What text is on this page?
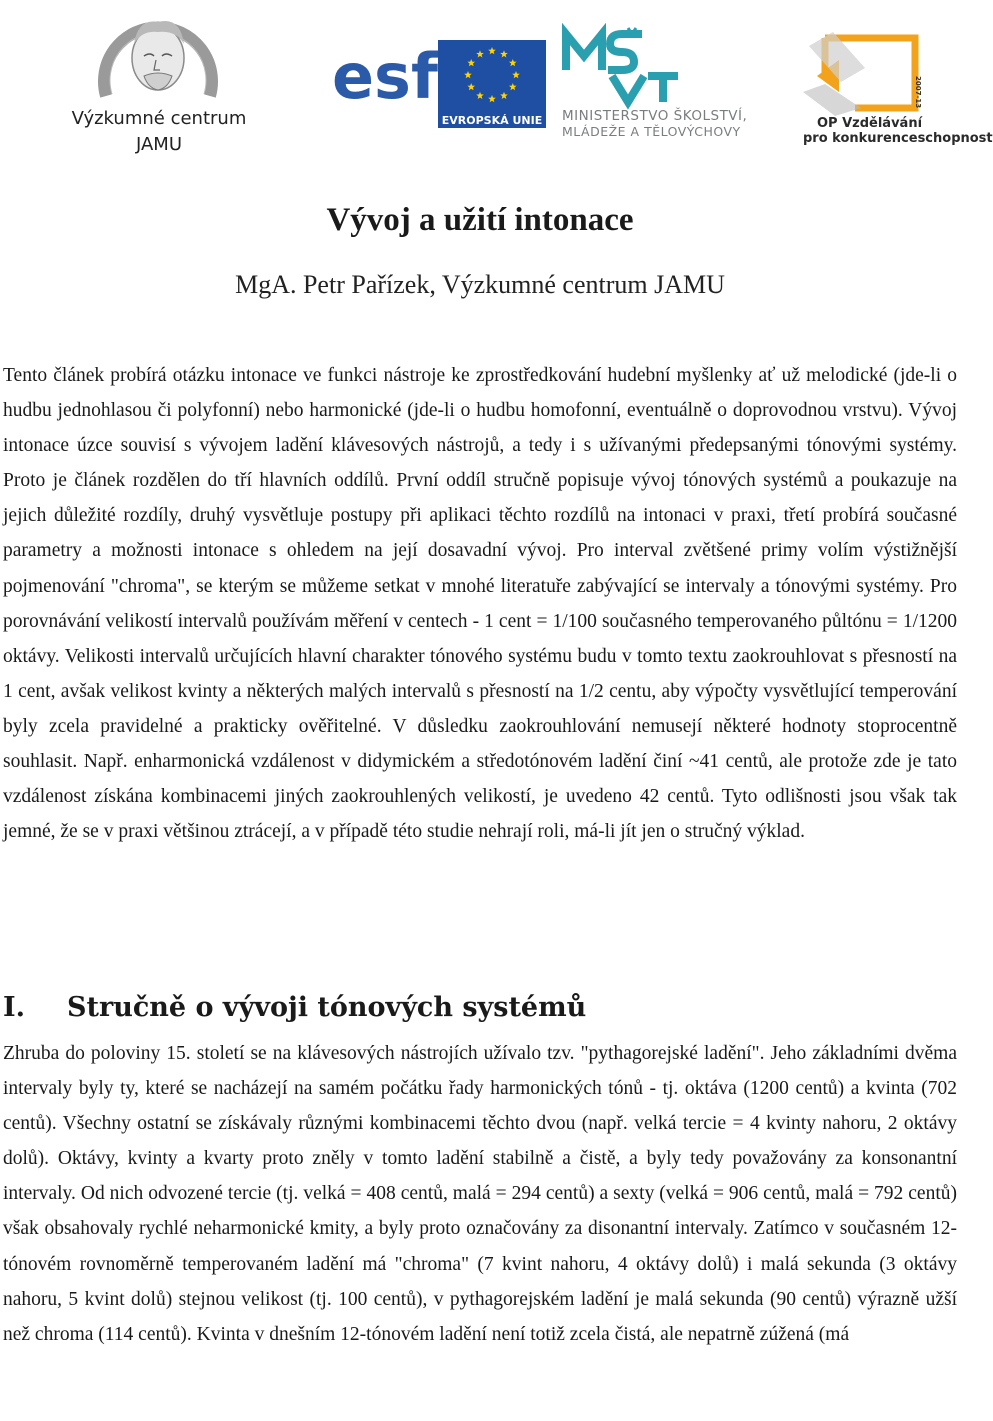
Výzkumné centrum
JAMU
esf
EVROPSKÁ UNIE MINISTERSTVO ŠKOLSTVÍ,
MLÁDEŽE A TĚLOVÝCHOVY
2007-13
OP Vzdělávání
pro konkurenceschopnost
Vývoj a užití intonace
MgA. Petr Pařízek, Výzkumné centrum JAMU

Tento článek probírá otázku intonace ve funkci nástroje ke zprostředkování hudební myšlenky ať už melodické (jde-li o hudbu jednohlasou či polyfonní) nebo harmonické (jde-li o hudbu homofonní, eventuálně o doprovodnou vrstvu). Vývoj intonace úzce souvisí s vývojem ladění klávesových nástrojů, a tedy i s užívanými předepsanými tónovými systémy. Proto je článek rozdělen do tří hlavních oddílů. První oddíl stručně popisuje vývoj tónových systémů a poukazuje na jejich důležité rozdíly, druhý vysvětluje postupy při aplikaci těchto rozdílů na intonaci v praxi, třetí probírá současné parametry a možnosti intonace s ohledem na její dosavadní vývoj. Pro interval zvětšené primy volím výstižnější pojmenování "chroma", se kterým se můžeme setkat v mnohé literatuře zabývající se intervaly a tónovými systémy. Pro porovnávání velikostí intervalů používám měření v centech - 1 cent = 1/100 současného temperovaného půltónu = 1/1200 oktávy. Velikosti intervalů určujících hlavní charakter tónového systému budu v tomto textu zaokrouhlovat s přesností na 1 cent, avšak velikost kvinty a některých malých intervalů s přesností na 1/2 centu, aby výpočty vysvětlující temperování byly zcela pravidelné a prakticky ověřitelné. V důsledku zaokrouhlování nemusejí některé hodnoty stoprocentně souhlasit. Např. enharmonická vzdálenost v didymickém a středotónovém ladění činí ~41 centů, ale protože zde je tato vzdálenost získána kombinacemi jiných zaokrouhlených velikostí, je uvedeno 42 centů. Tyto odlišnosti jsou však tak jemné, že se v praxi většinou ztrácejí, a v případě této studie nehrají roli, má-li jít jen o stručný výklad.

I.	Stručně o vývoji tónových systémů

Zhruba do poloviny 15. století se na klávesových nástrojích užívalo tzv. "pythagorejské ladění". Jeho základními dvěma intervaly byly ty, které se nacházejí na samém počátku řady harmonických tónů - tj. oktáva (1200 centů) a kvinta (702 centů). Všechny ostatní se získávaly různými kombinacemi těchto dvou (např. velká tercie = 4 kvinty nahoru, 2 oktávy dolů). Oktávy, kvinty a kvarty proto zněly v tomto ladění stabilně a čistě, a byly tedy považovány za konsonantní intervaly. Od nich odvozené tercie (tj. velká = 408 centů, malá = 294 centů) a sexty (velká = 906 centů, malá = 792 centů) však obsahovaly rychlé neharmonické kmity, a byly proto označovány za disonantní intervaly. Zatímco v současném 12-tónovém rovnoměrně temperovaném ladění má "chroma" (7 kvint nahoru, 4 oktávy dolů) i malá sekunda (3 oktávy nahoru, 5 kvint dolů) stejnou velikost (tj. 100 centů), v pythagorejském ladění je malá sekunda (90 centů) výrazně užší než chroma (114 centů). Kvinta v dnešním 12-tónovém ladění není totiž zcela čistá, ale nepatrně zúžená (má
